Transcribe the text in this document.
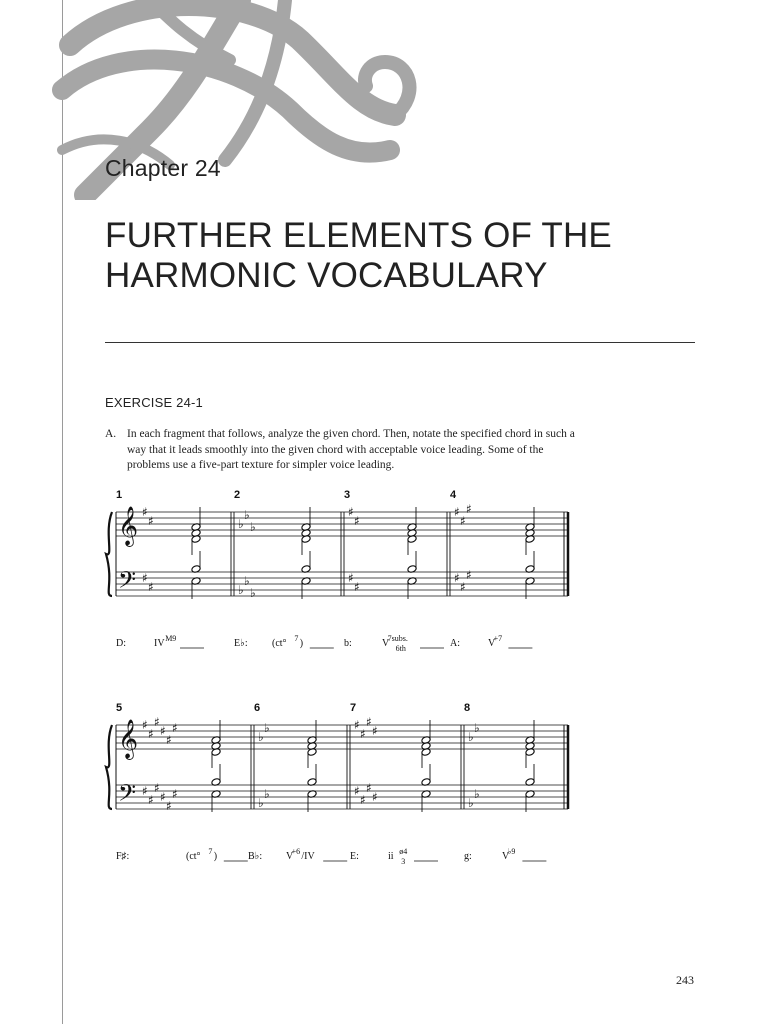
Chapter 24
FURTHER ELEMENTS OF THE
HARMONIC VOCABULARY
EXERCISE 24-1
A. In each fragment that follows, analyze the given chord. Then, notate the specified chord in such a way that it leads smoothly into the given chord with acceptable voice leading. Some of the problems use a five-part texture for simpler voice leading.
1
𝄞
𝄢
♯
♯
♯
♯
D:	IV M9
2
♭
♭
♭
♭
♭
♭
E♭: (ct° 7 )
3
♯
♯
♯
♯
b:	V
7subs.
6th
4
♯
♯
♯
♯
♯
♯
A:	V
+7
5
𝄞
𝄢
♯
♯
♯
♯
♯
♯
♯
♯
♯
♯
♯
♯
F♯:	(ct° 7 )
6
♭
♭
♭
♭
B♭: V
+6 /IV
7
♯
♯
♯
♯
♯
♯
♯
♯
E:	ii ø4
3
8
♭
♭
♭
♭
g:	V
♭9
243
